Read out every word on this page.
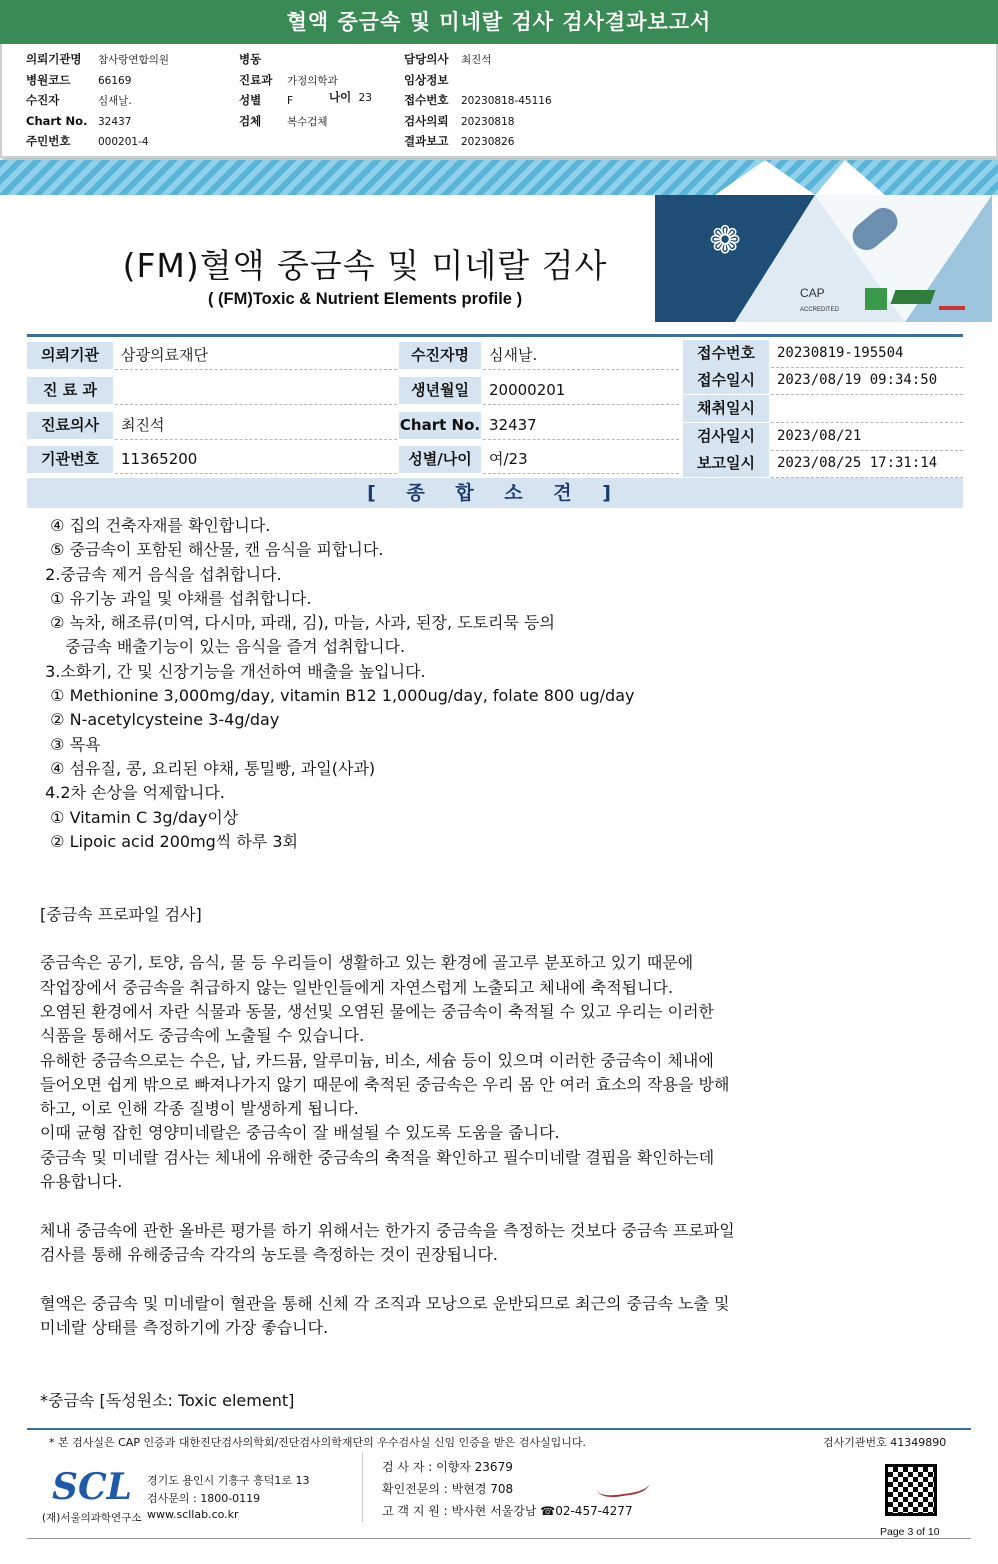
혈액 중금속 및 미네랄 검사 검사결과보고서
의뢰기관명 참사랑연합의원
병원코드	66169
수진자	심새날.
Chart No. 32437
주민번호	000201-4
병동
진료과 가정의학과
성별 F
검체 복수검체
담당의사 최진석
임상정보
접수번호 20230818-45116
검사의뢰 20230818
결과보고 20230826
나이 23
❁
CAP
ACCREDITED
(FM)혈액 중금속 및 미네랄 검사
( (FM)Toxic & Nutrient Elements profile )
의뢰기관	삼광의료재단
진 료 과
진료의사	최진석
기관번호	11365200
수진자명	심새날.
생년월일	20000201
Chart No. 32437
성별/나이	여/23
접수번호	20230819-195504
접수일시	2023/08/19 09:34:50
채취일시
검사일시	2023/08/21
보고일시	2023/08/25 17:31:14
[ 종 합 소 견 ]
④ 집의 건축자재를 확인합니다.
⑤ 중금속이 포함된 해산물, 캔 음식을 피합니다.
2.중금속 제거 음식을 섭취합니다.
① 유기농 과일 및 야채를 섭취합니다.
② 녹차, 해조류(미역, 다시마, 파래, 김), 마늘, 사과, 된장, 도토리묵 등의
중금속 배출기능이 있는 음식을 즐겨 섭취합니다.
3.소화기, 간 및 신장기능을 개선하여 배출을 높입니다.
① Methionine 3,000mg/day, vitamin B12 1,000ug/day, folate 800 ug/day
② N-acetylcysteine 3-4g/day
③ 목욕
④ 섬유질, 콩, 요리된 야채, 통밀빵, 과일(사과)
4.2차 손상을 억제합니다.
① Vitamin C 3g/day이상
② Lipoic acid 200mg씩 하루 3회

[중금속 프로파일 검사]

중금속은 공기, 토양, 음식, 물 등 우리들이 생활하고 있는 환경에 골고루 분포하고 있기 때문에
작업장에서 중금속을 취급하지 않는 일반인들에게 자연스럽게 노출되고 체내에 축적됩니다.
오염된 환경에서 자란 식물과 동물, 생선및 오염된 물에는 중금속이 축적될 수 있고 우리는 이러한
식품을 통해서도 중금속에 노출될 수 있습니다.
유해한 중금속으로는 수은, 납, 카드뮴, 알루미늄, 비소, 세슘 등이 있으며 이러한 중금속이 체내에
들어오면 쉽게 밖으로 빠져나가지 않기 때문에 축적된 중금속은 우리 몸 안 여러 효소의 작용을 방해
하고, 이로 인해 각종 질병이 발생하게 됩니다.
이때 균형 잡힌 영양미네랄은 중금속이 잘 배설될 수 있도록 도움을 줍니다.
중금속 및 미네랄 검사는 체내에 유해한 중금속의 축적을 확인하고 필수미네랄 결핍을 확인하는데
유용합니다.

체내 중금속에 관한 올바른 평가를 하기 위해서는 한가지 중금속을 측정하는 것보다 중금속 프로파일
검사를 통해 유해중금속 각각의 농도를 측정하는 것이 권장됩니다.

혈액은 중금속 및 미네랄이 혈관을 통해 신체 각 조직과 모낭으로 운반되므로 최근의 중금속 노출 및
미네랄 상태를 측정하기에 가장 좋습니다.

*중금속 [독성원소: Toxic element]
* 본 검사실은 CAP 인증과 대한진단검사의학회/진단검사의학재단의 우수검사실 신임 인증을 받은 검사실입니다.	검사기관번호 41349890
SCL
(재)서울의과학연구소
경기도 용인시 기흥구 흥덕1로 13
검사문의 : 1800-0119
www.scllab.co.kr
검 사 자 : 이향자 23679
확인전문의 : 박현경 708
고 객 지 원 : 박사현 서울강남 ☎02-457-4277
Page 3 of 10
